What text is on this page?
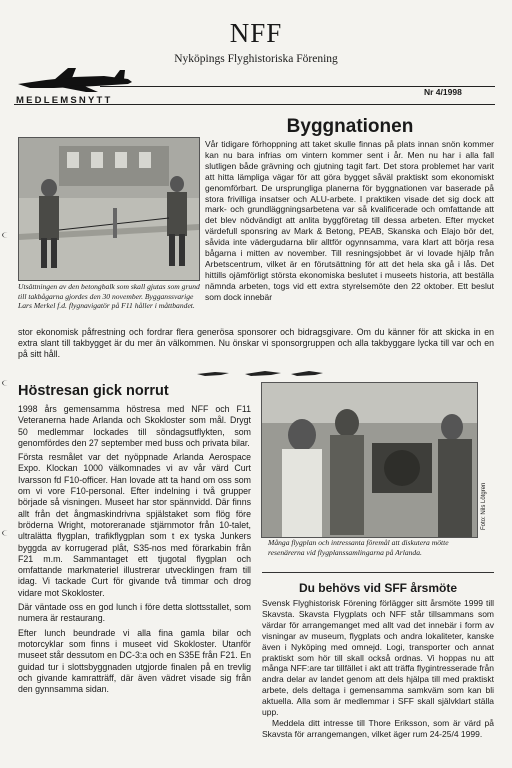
NFF
Nyköpings Flyghistoriska Förening
MEDLEMSNYTT
Nr 4/1998
Utsättningen av den betongbalk som skall gjutas som grund till takbågarna gjordes den 30 november. Bygganssvarige Lars Merkel f.d. flygnavigatör på F11 håller i måttbandet.
Byggnationen
Vår tidigare förhoppning att taket skulle finnas på plats innan snön kommer kan nu bara infrias om vintern kommer sent i år. Men nu har i alla fall slutligen både grävning och gjutning tagit fart. Det stora problemet har varit att hitta lämpliga vägar för att göra bygget såväl praktiskt som ekonomiskt genomförbart. De ursprungliga planerna för byggnationen var baserade på stora frivilliga insatser och ALU-arbete. I praktiken visade det sig dock att mark- och grundläggningsarbetena var så kvalificerade och omfattande att det blev nödvändigt att anlita byggföretag till dessa arbeten. Efter mycket värdefull sponsring av Mark & Betong, PEAB, Skanska och Elajo bör det, såvida inte vädergudarna blir alltför ogynnsamma, vara klart att börja resa bågarna i mitten av november. Till resningsjobbet är vi lovade hjälp från Arbetscentrum, vilket är en förutsättning för att det hela ska gå i lås. Det hittills ojämförligt största ekonomiska beslutet i museets historia, att beställa nämnda arbeten, togs vid ett extra styrelsemöte den 22 oktober. Ett beslut som dock innebär
stor ekonomisk påfrestning och fordrar flera generösa sponsorer och bidragsgivare. Om du känner för att skicka in en extra slant till takbygget är du mer än välkommen. Nu önskar vi sponsorgruppen och alla takbyggare lycka till var och en på sitt håll.
Höstresan gick norrut

1998 års gemensamma höstresa med NFF och F11 Veteranerna hade Arlanda och Skokloster som mål. Drygt 50 medlemmar lockades till söndagsutflykten, som genomfördes den 27 september med buss och privata bilar.

Första resmålet var det nyöppnade Arlanda Aerospace Expo. Klockan 1000 välkomnades vi av vår värd Curt Ivarsson fd F10-officer. Han lovade att ta hand om oss som om vi vore F10-personal. Efter indelning i två grupper började så visningen. Museet har stor spännvidd. Där finns allt från det ångmaskindrivna spjälstaket som flög före bröderna Wright, motoreranade stjärnmotor från 10-talet, ultralätta flygplan, trafikflygplan som t ex tyska Junkers byggda av korrugerad plåt, S35-nos med förarkabin från F21 m.m. Sammantaget ett tjugotal flygplan och omfattande markmateriel illustrerar utvecklingen fram till idag. Vi tackade Curt för givande två timmar och drog vidare mot Skokloster.

Där väntade oss en god lunch i före detta slottsstallet, som numera är restaurang.

Efter lunch beundrade vi alla fina gamla bilar och motorcyklar som finns i museet vid Skokloster. Utanför museet står dessutom en DC-3:a och en S35E från F21. En guidad tur i slottsbyggnaden utgjorde finalen på en trevlig och givande kamratträff, där även vädret visade sig från den gynnsamma sidan.

Foto: Nils Lötgren
Många flygplan och intressanta föremål att diskutera mötte resenärerna vid flygplanssamlingarna på Arlanda.
Du behövs vid SFF årsmöte

Svensk Flyghistorisk Förening förlägger sitt årsmöte 1999 till Skavsta. Skavsta Flygplats och NFF står tillsammans som värdar för arrangemanget med allt vad det innebär i form av visningar av museum, flygplats och andra lokaliteter, kanske även i Nyköping med omnejd. Logi, transporter och annat praktiskt som hör till skall också ordnas. Vi hoppas nu att många NFF:are tar tillfället i akt att träffa flygintresserade från andra delar av landet genom att dels hjälpa till med praktiskt arbete, dels deltaga i gemensamma samkväm som kan bli aktuella. Alla som är medlemmar i SFF skall självklart ställa upp.

Meddela ditt intresse till Thore Eriksson, som är värd på Skavsta för arrangemangen, vilket äger rum 24-25/4 1999.
